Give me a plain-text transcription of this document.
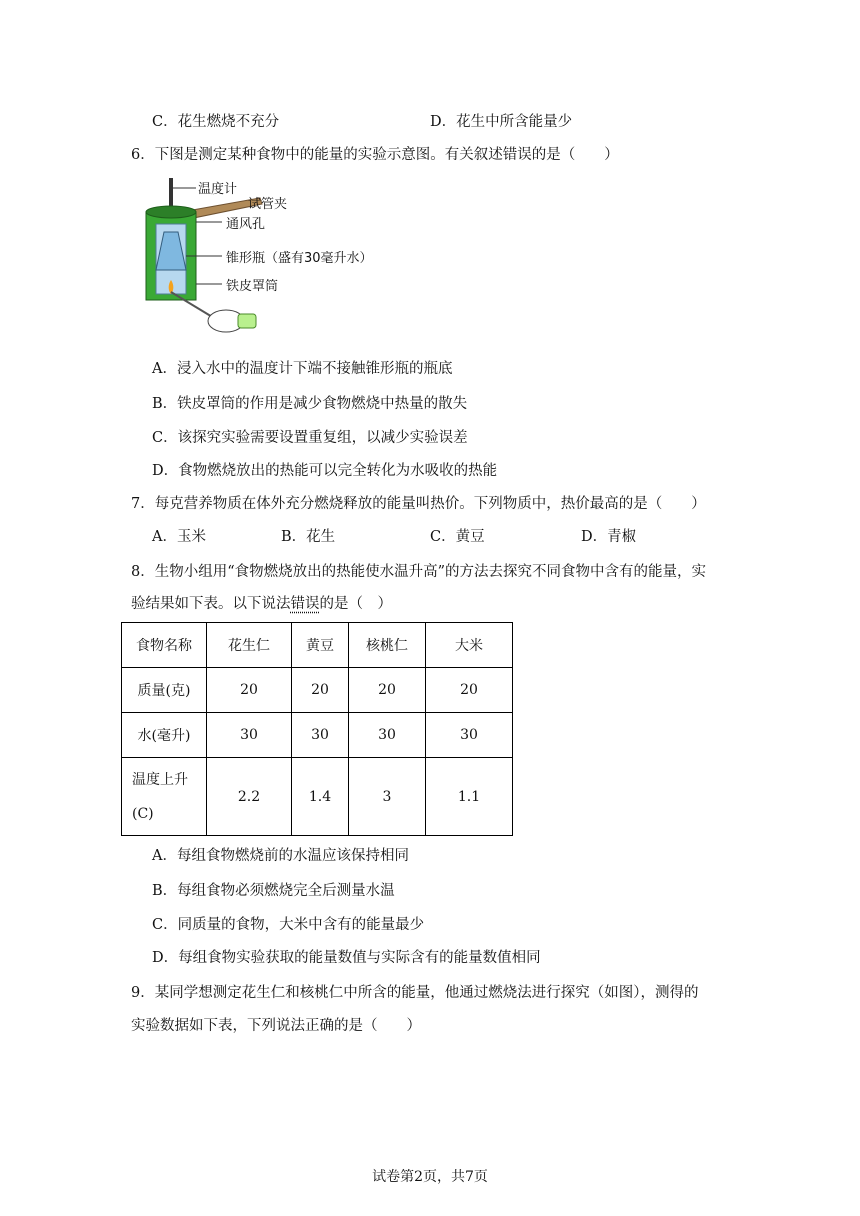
C．花生燃烧不充分	D．花生中所含能量少
6．下图是测定某种食物中的能量的实验示意图。有关叙述错误的是（　　）
温度计
试管夹
通风孔
锥形瓶（盛有30毫升水）
铁皮罩筒
A．浸入水中的温度计下端不接触锥形瓶的瓶底
B．铁皮罩筒的作用是减少食物燃烧中热量的散失
C．该探究实验需要设置重复组，以减少实验误差
D．食物燃烧放出的热能可以完全转化为水吸收的热能
7．每克营养物质在体外充分燃烧释放的能量叫热价。下列物质中，热价最高的是（　　）
A．玉米	B．花生	C．黄豆	D．青椒
8．生物小组用“食物燃烧放出的热能使水温升高”的方法去探究不同食物中含有的能量，实
验结果如下表。以下说法错误的是（　）
食物名称	花生仁	黄豆	核桃仁	大米
质量(克)	20	20	20	20
水(毫升)	30	30	30	30
温度上升
(C)	2.2	1.4	3	1.1
A．每组食物燃烧前的水温应该保持相同
B．每组食物必须燃烧完全后测量水温
C．同质量的食物，大米中含有的能量最少
D．每组食物实验获取的能量数值与实际含有的能量数值相同
9．某同学想测定花生仁和核桃仁中所含的能量，他通过燃烧法进行探究（如图），测得的
实验数据如下表，下列说法正确的是（　　）
试卷第2页，共7页
